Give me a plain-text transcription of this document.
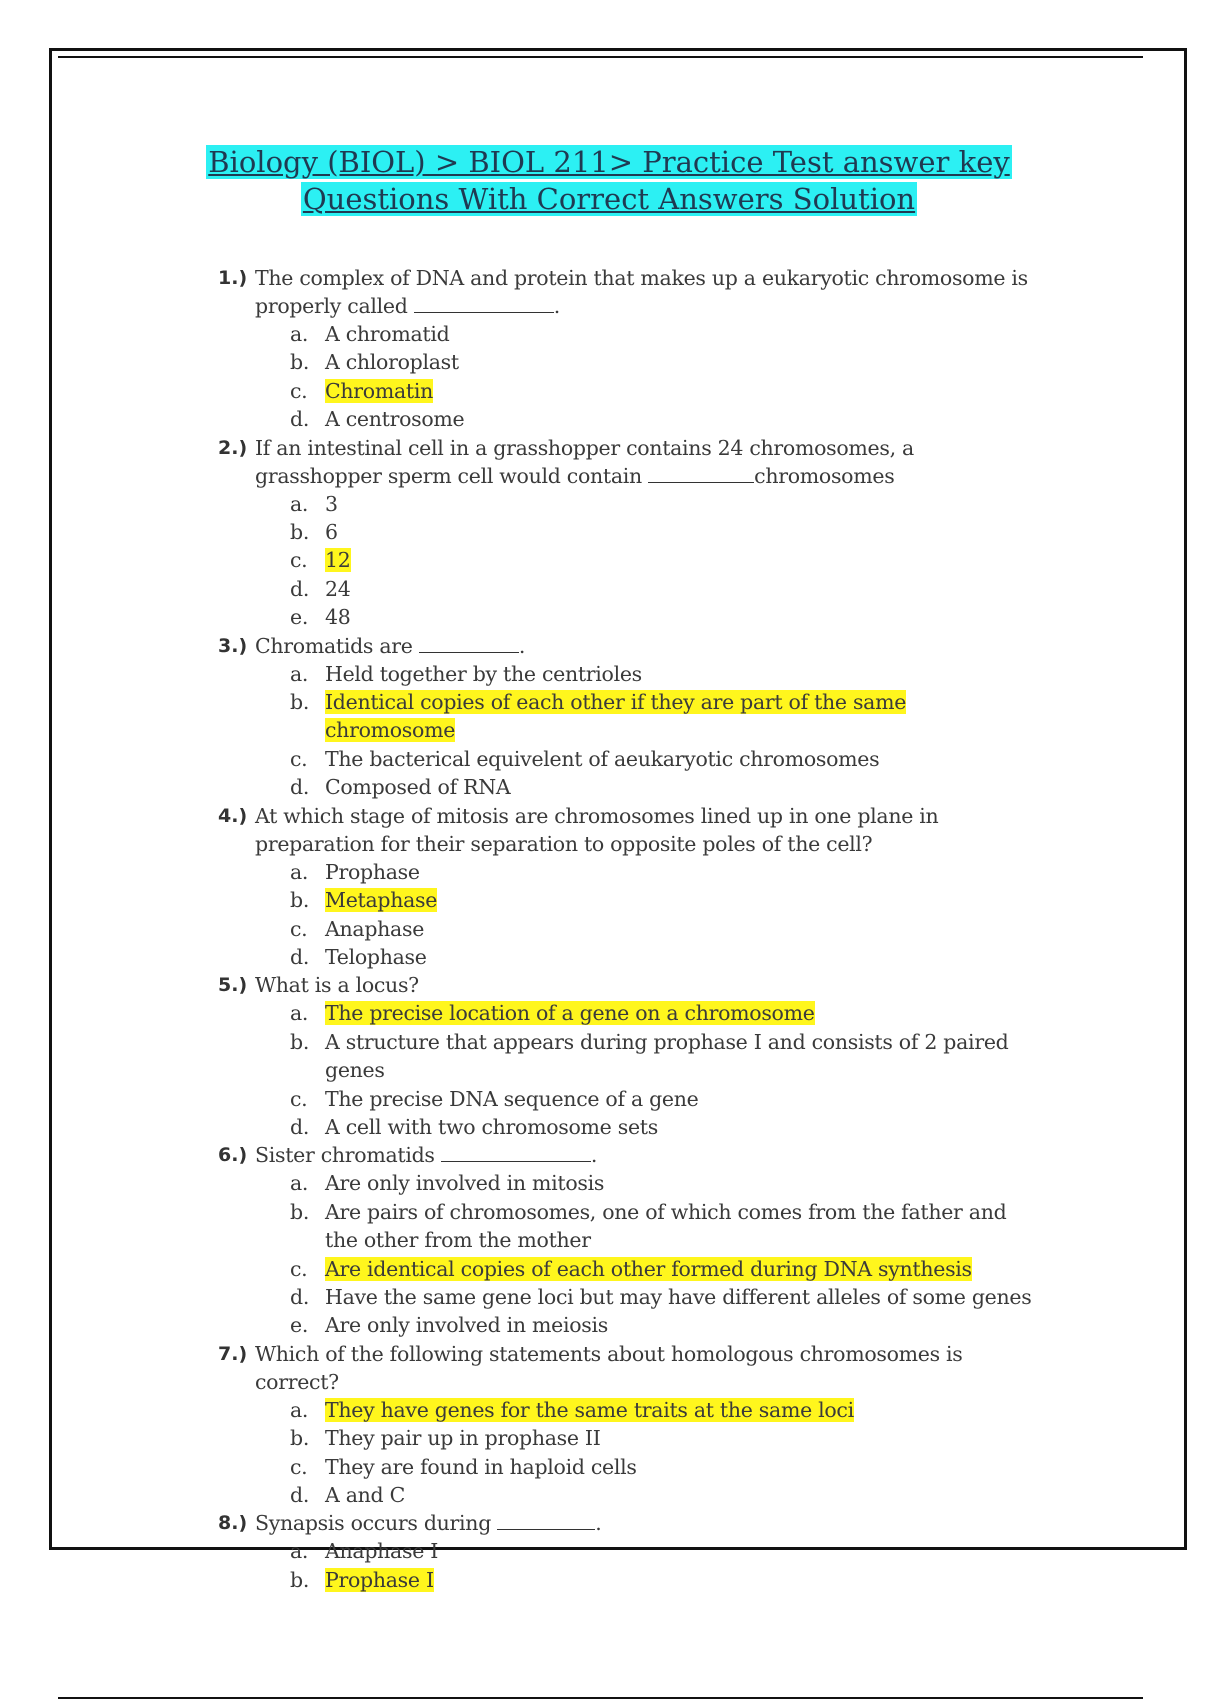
Biology (BIOL) > BIOL 211> Practice Test answer key
Questions With Correct Answers Solution
1.) The complex of DNA and protein that makes up a eukaryotic chromosome is properly called	.
a. A chromatid
b. A chloroplast
c. Chromatin
d. A centrosome
2.) If an intestinal cell in a grasshopper contains 24 chromosomes, a grasshopper sperm cell would contain	chromosomes
a. 3
b. 6
c. 12
d. 24
e. 48
3.) Chromatids are	.
a. Held together by the centrioles
b. Identical copies of each other if they are part of the same chromosome
c. The bacterical equivelent of aeukaryotic chromosomes
d. Composed of RNA
4.) At which stage of mitosis are chromosomes lined up in one plane in preparation for their separation to opposite poles of the cell?
a. Prophase
b. Metaphase
c. Anaphase
d. Telophase
5.) What is a locus?
a. The precise location of a gene on a chromosome
b. A structure that appears during prophase I and consists of 2 paired genes
c. The precise DNA sequence of a gene
d. A cell with two chromosome sets
6.) Sister chromatids	.
a. Are only involved in mitosis
b. Are pairs of chromosomes, one of which comes from the father and the other from the mother
c. Are identical copies of each other formed during DNA synthesis
d. Have the same gene loci but may have different alleles of some genes
e. Are only involved in meiosis
7.) Which of the following statements about homologous chromosomes is correct?
a. They have genes for the same traits at the same loci
b. They pair up in prophase II
c. They are found in haploid cells
d. A and C
8.) Synapsis occurs during	.
a. Anaphase I
b. Prophase I
